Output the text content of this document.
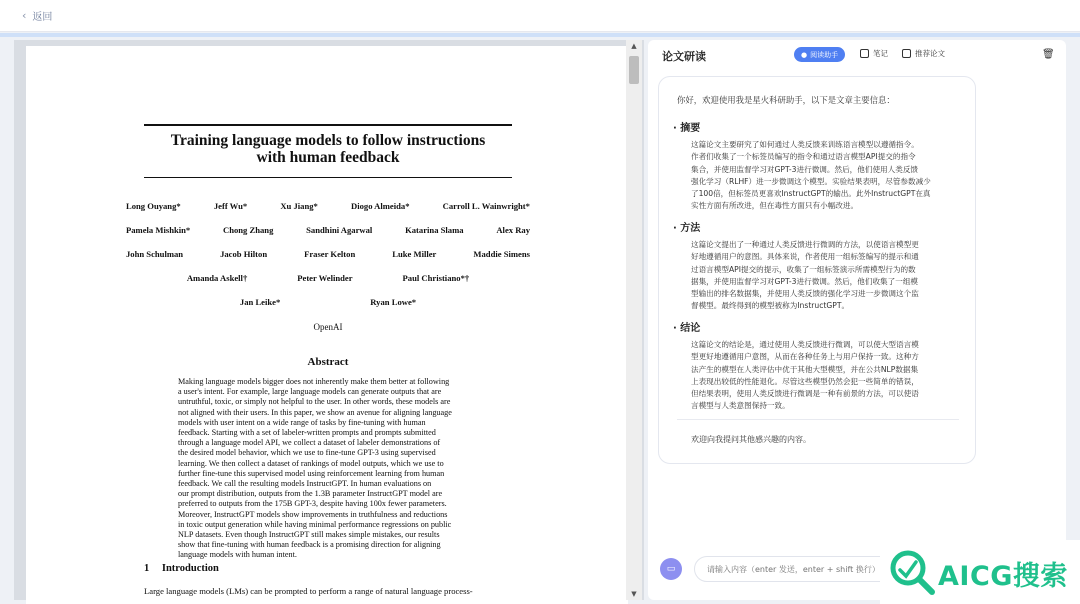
‹ 返回
Training language models to follow instructions
with human feedback
Long Ouyang*	Jeff Wu*	Xu Jiang*	Diogo Almeida*	Carroll L. Wainwright*
Pamela Mishkin*	Chong Zhang	Sandhini Agarwal	Katarina Slama	Alex Ray
John Schulman	Jacob Hilton	Fraser Kelton	Luke Miller	Maddie Simens
Amanda Askell†	Peter Welinder	Paul Christiano*†
Jan Leike*	Ryan Lowe*
OpenAI
Abstract
Making language models bigger does not inherently make them better at following
a user's intent. For example, large language models can generate outputs that are
untruthful, toxic, or simply not helpful to the user. In other words, these models are
not aligned with their users. In this paper, we show an avenue for aligning language
models with user intent on a wide range of tasks by fine-tuning with human
feedback. Starting with a set of labeler-written prompts and prompts submitted
through a language model API, we collect a dataset of labeler demonstrations of
the desired model behavior, which we use to fine-tune GPT-3 using supervised
learning. We then collect a dataset of rankings of model outputs, which we use to
further fine-tune this supervised model using reinforcement learning from human
feedback. We call the resulting models InstructGPT. In human evaluations on
our prompt distribution, outputs from the 1.3B parameter InstructGPT model are
preferred to outputs from the 175B GPT-3, despite having 100x fewer parameters.
Moreover, InstructGPT models show improvements in truthfulness and reductions
in toxic output generation while having minimal performance regressions on public
NLP datasets. Even though InstructGPT still makes simple mistakes, our results
show that fine-tuning with human feedback is a promising direction for aligning
language models with human intent.
1 Introduction
Large language models (LMs) can be prompted to perform a range of natural language process-
▲
▼
论文研读	● 阅读助手	笔记	推荐论文	🗑
你好，欢迎使用我是星火科研助手，以下是文章主要信息：
· 摘要
这篇论文主要研究了如何通过人类反馈来训练语言模型以遵循指令。
作者们收集了一个标签员编写的指令和通过语言模型API提交的指令
集合，并使用监督学习对GPT-3进行微调。然后，他们使用人类反馈
强化学习（RLHF）进一步微调这个模型。实验结果表明，尽管参数减少
了100倍，但标签员更喜欢InstructGPT的输出。此外InstructGPT在真
实性方面有所改进，但在毒性方面只有小幅改进。
· 方法
这篇论文提出了一种通过人类反馈进行微调的方法，以使语言模型更
好地遵循用户的意图。具体来说，作者使用一组标签编写的提示和通
过语言模型API提交的提示，收集了一组标签演示所需模型行为的数
据集，并使用监督学习对GPT-3进行微调。然后，他们收集了一组模
型输出的排名数据集，并使用人类反馈的强化学习进一步微调这个监
督模型。最终得到的模型被称为InstructGPT。
· 结论
这篇论文的结论是，通过使用人类反馈进行微调，可以使大型语言模
型更好地遵循用户意图，从而在各种任务上与用户保持一致。这种方
法产生的模型在人类评估中优于其他大型模型，并在公共NLP数据集
上表现出较低的性能退化。尽管这些模型仍然会犯一些简单的错误，
但结果表明，使用人类反馈进行微调是一种有前景的方法，可以使语
言模型与人类意图保持一致。
欢迎向我提问其他感兴趣的内容。
▭
请输入内容（enter 发送，enter + shift 换行）	AICG搜索
